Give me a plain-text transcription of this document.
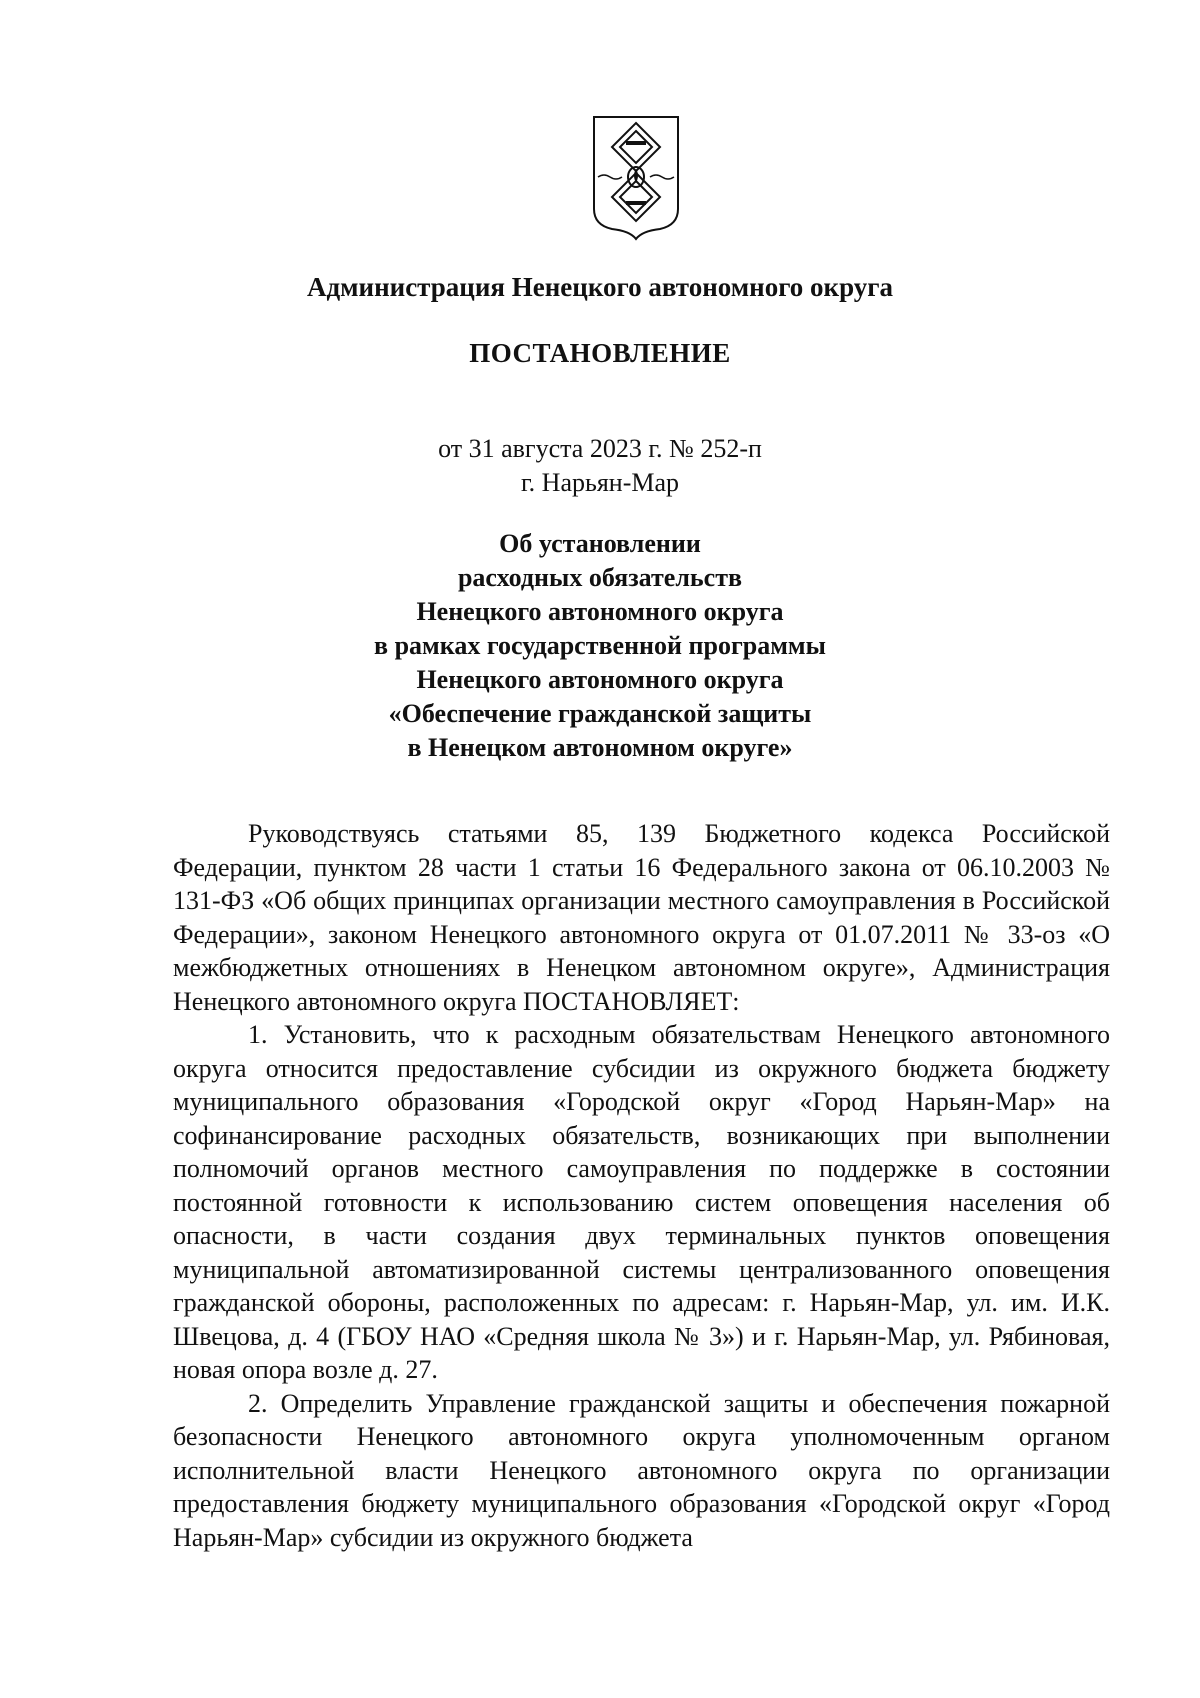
Администрация Ненецкого автономного округа
ПОСТАНОВЛЕНИЕ
от 31 августа 2023 г. № 252-п
г. Нарьян-Мар
Об установлении
расходных обязательств
Ненецкого автономного округа
в рамках государственной программы
Ненецкого автономного округа
«Обеспечение гражданской защиты
в Ненецком автономном округе»

Руководствуясь статьями 85, 139 Бюджетного кодекса Российской Федерации, пунктом 28 части 1 статьи 16 Федерального закона от 06.10.2003 № 131-ФЗ «Об общих принципах организации местного самоуправления в Российской Федерации», законом Ненецкого автономного округа от 01.07.2011 № 33-оз «О межбюджетных отношениях в Ненецком автономном округе», Администрация Ненецкого автономного округа ПОСТАНОВЛЯЕТ:

1. Установить, что к расходным обязательствам Ненецкого автономного округа относится предоставление субсидии из окружного бюджета бюджету муниципального образования «Городской округ «Город Нарьян-Мар» на софинансирование расходных обязательств, возникающих при выполнении полномочий органов местного самоуправления по поддержке в состоянии постоянной готовности к использованию систем оповещения населения об опасности, в части создания двух терминальных пунктов оповещения муниципальной автоматизированной системы централизованного оповещения гражданской обороны, расположенных по адресам: г. Нарьян-Мар, ул. им. И.К. Швецова, д. 4 (ГБОУ НАО «Средняя школа № 3») и г. Нарьян-Мар, ул. Рябиновая, новая опора возле д. 27.

2. Определить Управление гражданской защиты и обеспечения пожарной безопасности Ненецкого автономного округа уполномоченным органом исполнительной власти Ненецкого автономного округа по организации предоставления бюджету муниципального образования «Городской округ «Город Нарьян-Мар» субсидии из окружного бюджета
